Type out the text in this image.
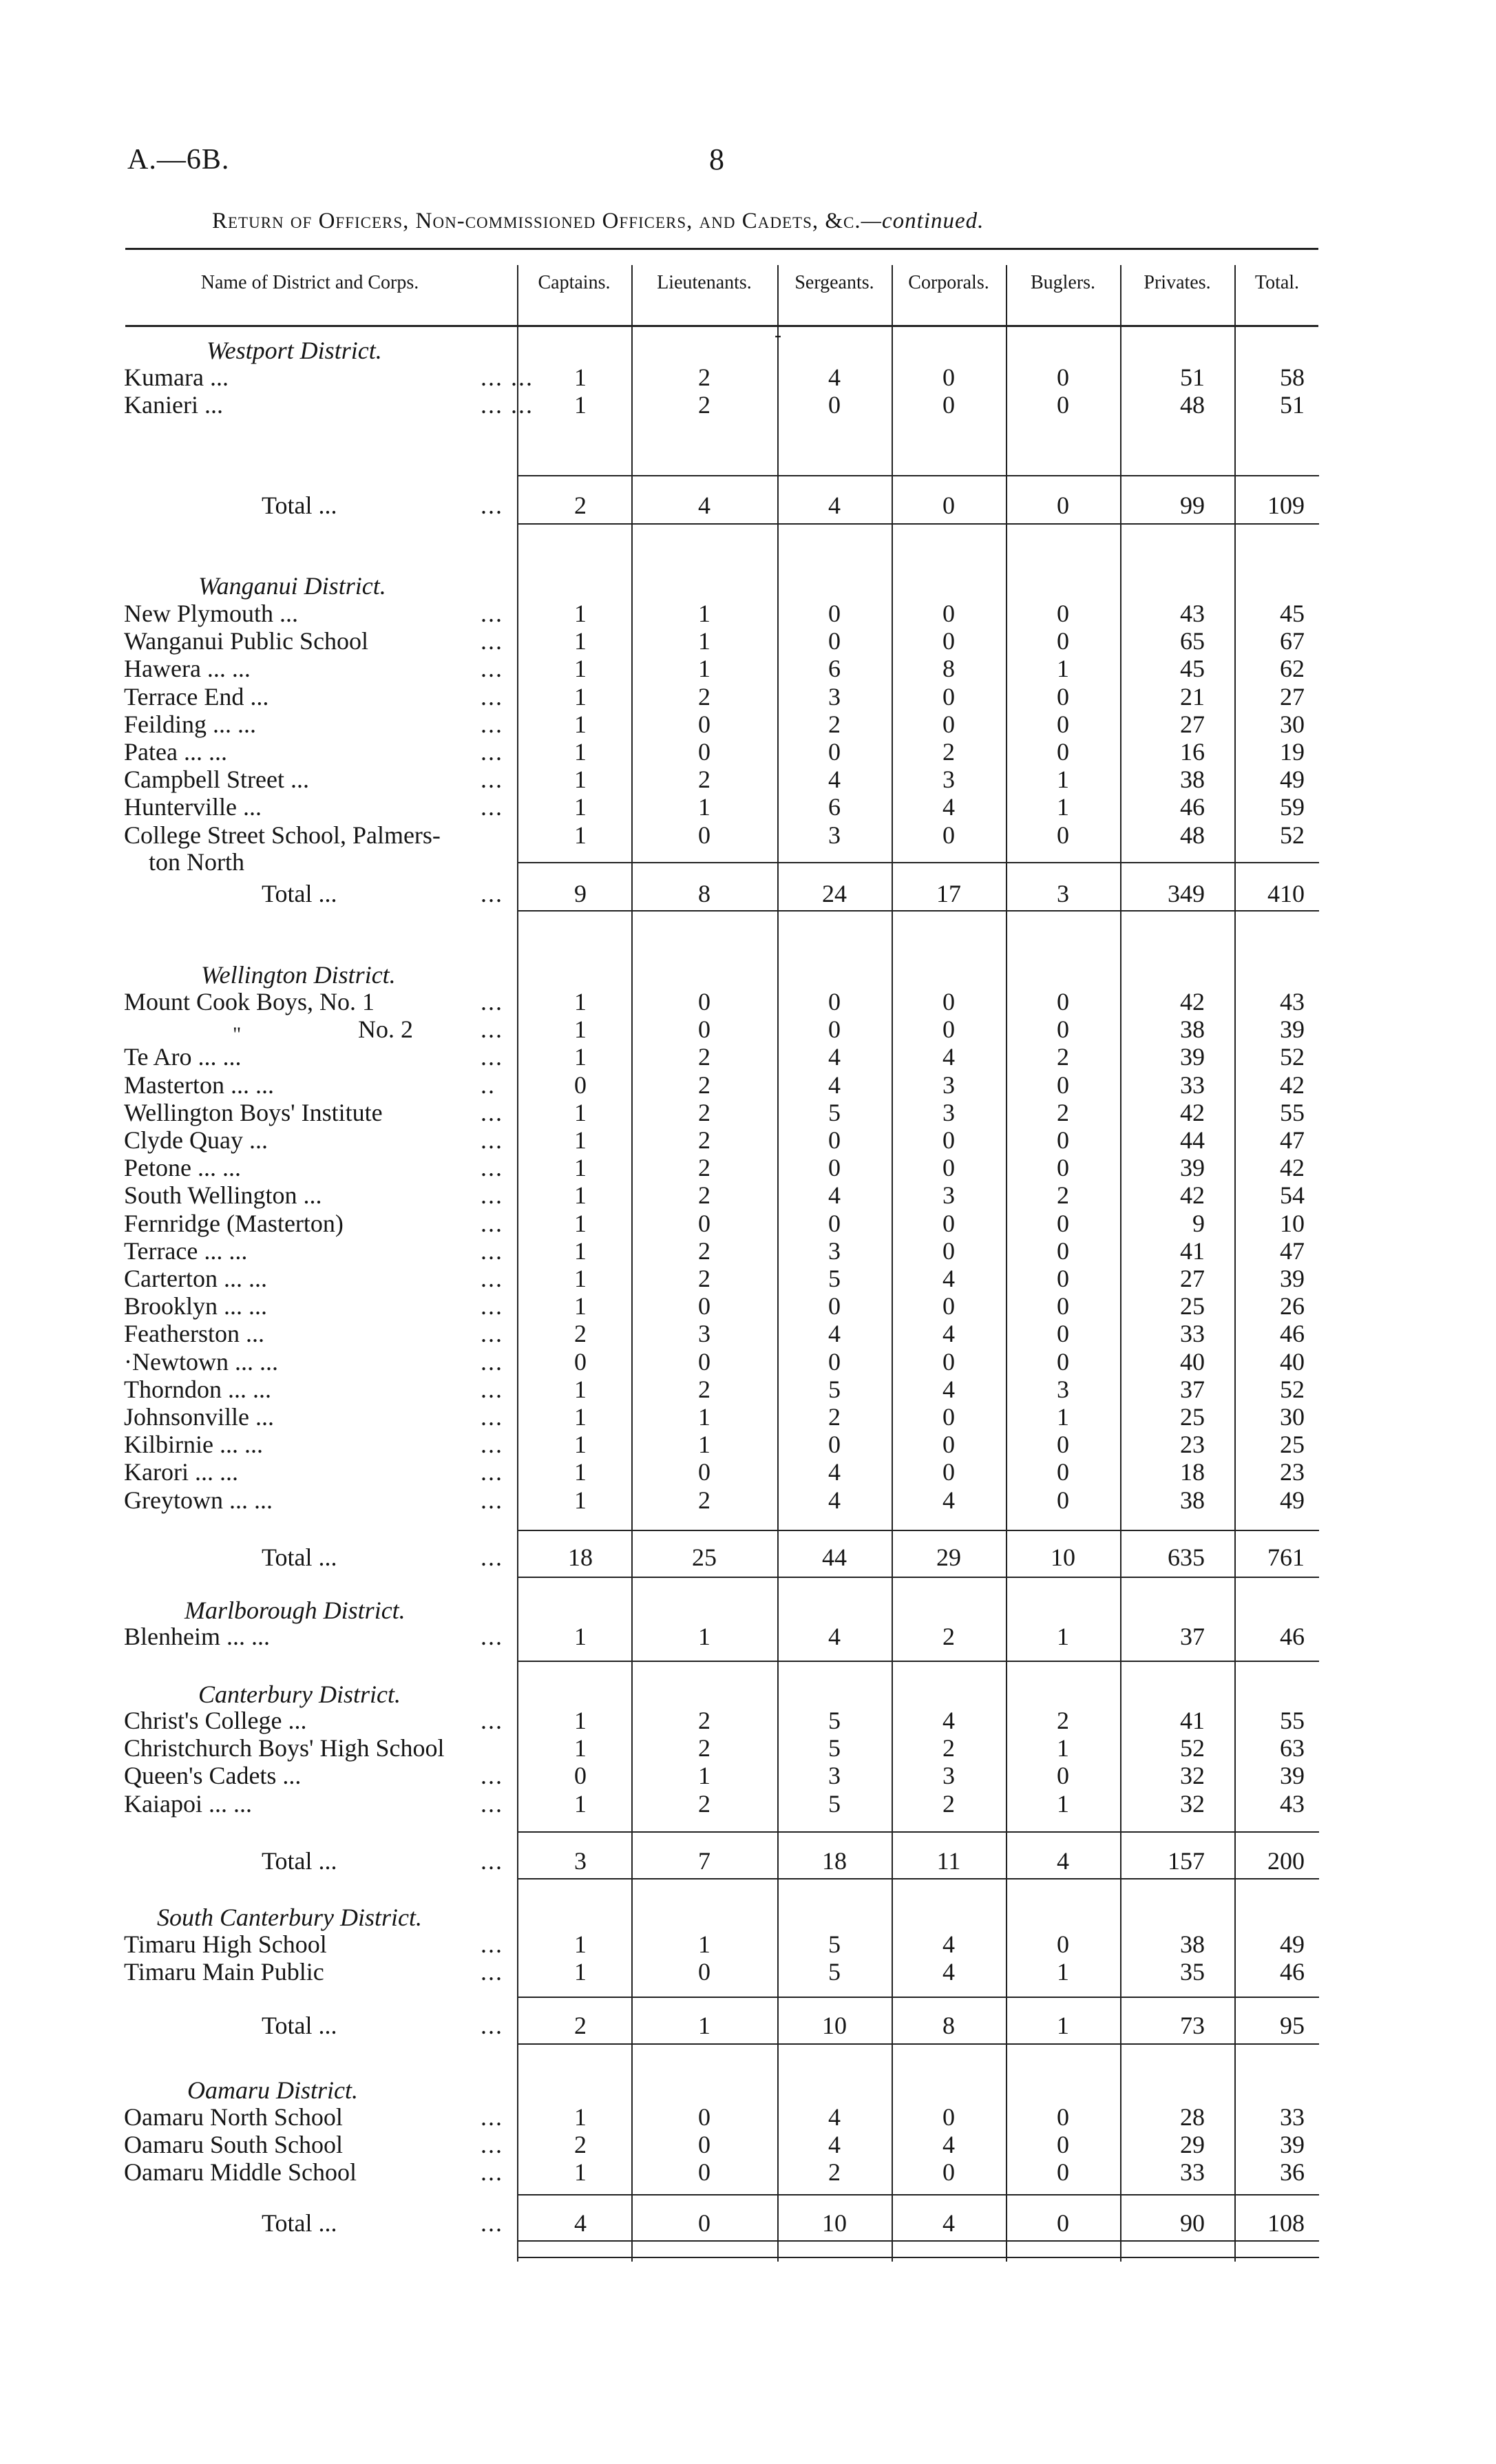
A.—6B.	8
Return of Officers, Non-commissioned Officers, and Cadets, &c.—continued.
Name of District and Corps.	Captains.	Lieutenants.	Sergeants.	Corporals.	Buglers.	Privates.	Total.
Westport District.
Kumara ...	... ...	1	2	4	0	0	51	58
Kanieri ...	... ...	1	2	0	0	0	48	51
Total ...	...	2	4	4	0	0	99	109
Wanganui District.
New Plymouth ...	...	1	1	0	0	0	43	45
Wanganui Public School	...	1	1	0	0	0	65	67
Hawera ... ...	...	1	1	6	8	1	45	62
Terrace End ...	...	1	2	3	0	0	21	27
Feilding ... ...	...	1	0	2	0	0	27	30
Patea ... ...	...	1	0	0	2	0	16	19
Campbell Street ...	...	1	2	4	3	1	38	49
Hunterville ...	...	1	1	6	4	1	46	59
College Street School, Palmers-	1	0	3	0	0	48	52
ton North
Total ...	...	9	8	24	17	3	349	410
Wellington District.
Mount Cook Boys, No. 1	...	1	0	0	0	0	42	43
No. 2	...	1	0	0	0	0	38	39
Te Aro ... ...	...	1	2	4	4	2	39	52
Masterton ... ...	..	0	2	4	3	0	33	42
Wellington Boys' Institute	...	1	2	5	3	2	42	55
Clyde Quay ...	...	1	2	0	0	0	44	47
Petone ... ...	...	1	2	0	0	0	39	42
South Wellington ...	...	1	2	4	3	2	42	54
Fernridge (Masterton)	...	1	0	0	0	0	9	10
Terrace ... ...	...	1	2	3	0	0	41	47
Carterton ... ...	...	1	2	5	4	0	27	39
Brooklyn ... ...	...	1	0	0	0	0	25	26
Featherston ...	...	2	3	4	4	0	33	46
·Newtown ... ...	...	0	0	0	0	0	40	40
Thorndon ... ...	...	1	2	5	4	3	37	52
Johnsonville ...	...	1	1	2	0	1	25	30
Kilbirnie ... ...	...	1	1	0	0	0	23	25
Karori ... ...	...	1	0	4	0	0	18	23
Greytown ... ...	...	1	2	4	4	0	38	49
Total ...	...	18	25	44	29	10	635	761
Marlborough District.
Blenheim ... ...	...	1	1	4	2	1	37	46
Canterbury District.
Christ's College ...	...	1	2	5	4	2	41	55
Christchurch Boys' High School	1	2	5	2	1	52	63
Queen's Cadets ...	...	0	1	3	3	0	32	39
Kaiapoi ... ...	...	1	2	5	2	1	32	43
Total ...	...	3	7	18	11	4	157	200
South Canterbury District.
Timaru High School	...	1	1	5	4	0	38	49
Timaru Main Public	...	1	0	5	4	1	35	46
Total ...	...	2	1	10	8	1	73	95
Oamaru District.
Oamaru North School	...	1	0	4	0	0	28	33
Oamaru South School	...	2	0	4	4	0	29	39
Oamaru Middle School	...	1	0	2	0	0	33	36
Total ...	...	4	0	10	4	0	90	108
"
-
